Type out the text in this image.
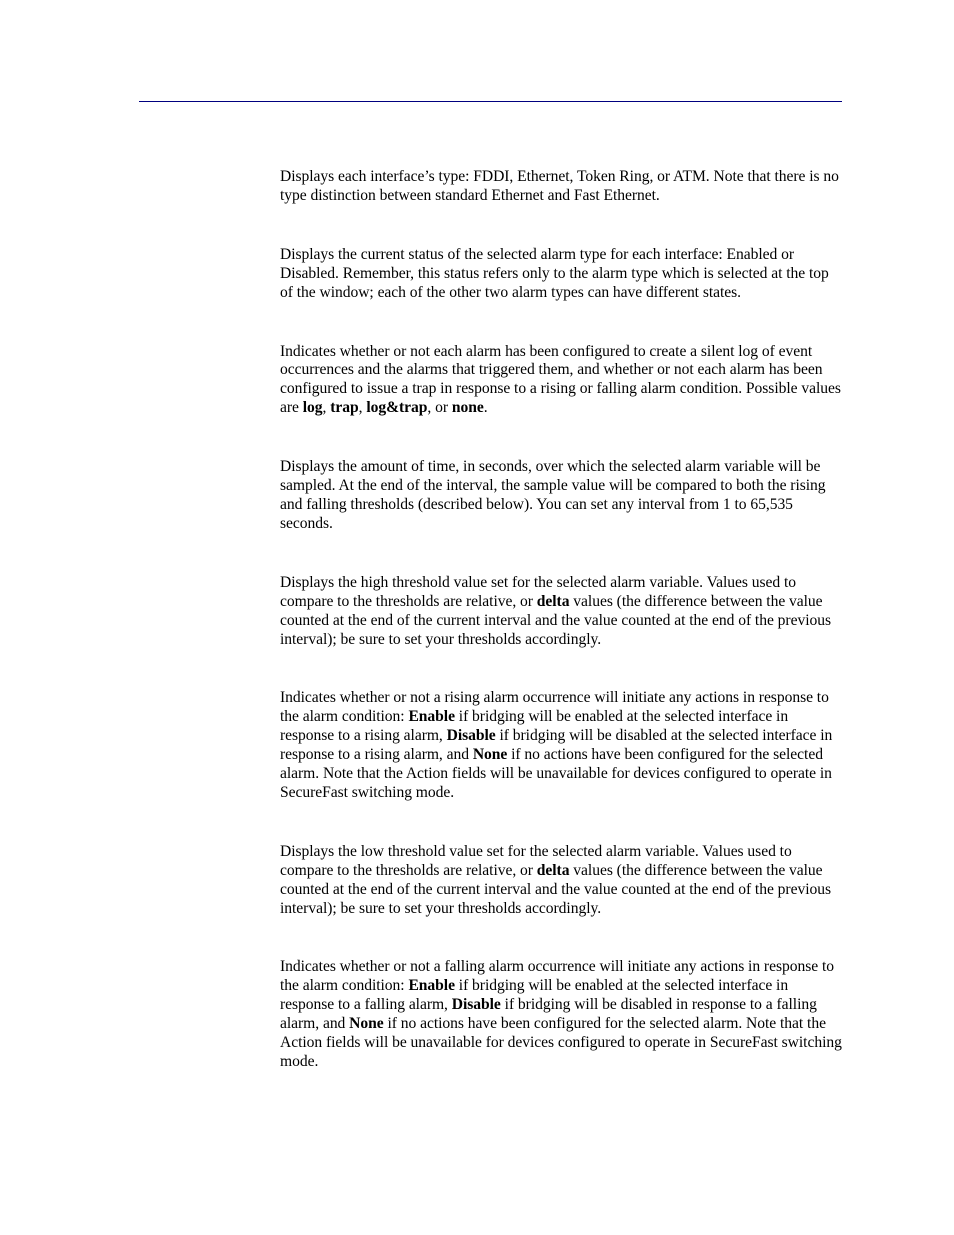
Displays each interface’s type: FDDI, Ethernet, Token Ring, or ATM. Note that there is no type distinction between standard Ethernet and Fast Ethernet.

Displays the current status of the selected alarm type for each interface: Enabled or Disabled. Remember, this status refers only to the alarm type which is selected at the top of the window; each of the other two alarm types can have different states.

Indicates whether or not each alarm has been configured to create a silent log of event occurrences and the alarms that triggered them, and whether or not each alarm has been configured to issue a trap in response to a rising or falling alarm condition. Possible values are log, trap, log&trap, or none.

Displays the amount of time, in seconds, over which the selected alarm variable will be sampled. At the end of the interval, the sample value will be compared to both the rising and falling thresholds (described below). You can set any interval from 1 to 65,535 seconds.

Displays the high threshold value set for the selected alarm variable. Values used to compare to the thresholds are relative, or delta values (the difference between the value counted at the end of the current interval and the value counted at the end of the previous interval); be sure to set your thresholds accordingly.

Indicates whether or not a rising alarm occurrence will initiate any actions in response to the alarm condition: Enable if bridging will be enabled at the selected interface in response to a rising alarm, Disable if bridging will be disabled at the selected interface in response to a rising alarm, and None if no actions have been configured for the selected alarm. Note that the Action fields will be unavailable for devices configured to operate in SecureFast switching mode.

Displays the low threshold value set for the selected alarm variable. Values used to compare to the thresholds are relative, or delta values (the difference between the value counted at the end of the current interval and the value counted at the end of the previous interval); be sure to set your thresholds accordingly.

Indicates whether or not a falling alarm occurrence will initiate any actions in response to the alarm condition: Enable if bridging will be enabled at the selected interface in response to a falling alarm, Disable if bridging will be disabled in response to a falling alarm, and None if no actions have been configured for the selected alarm. Note that the Action fields will be unavailable for devices configured to operate in SecureFast switching mode.
